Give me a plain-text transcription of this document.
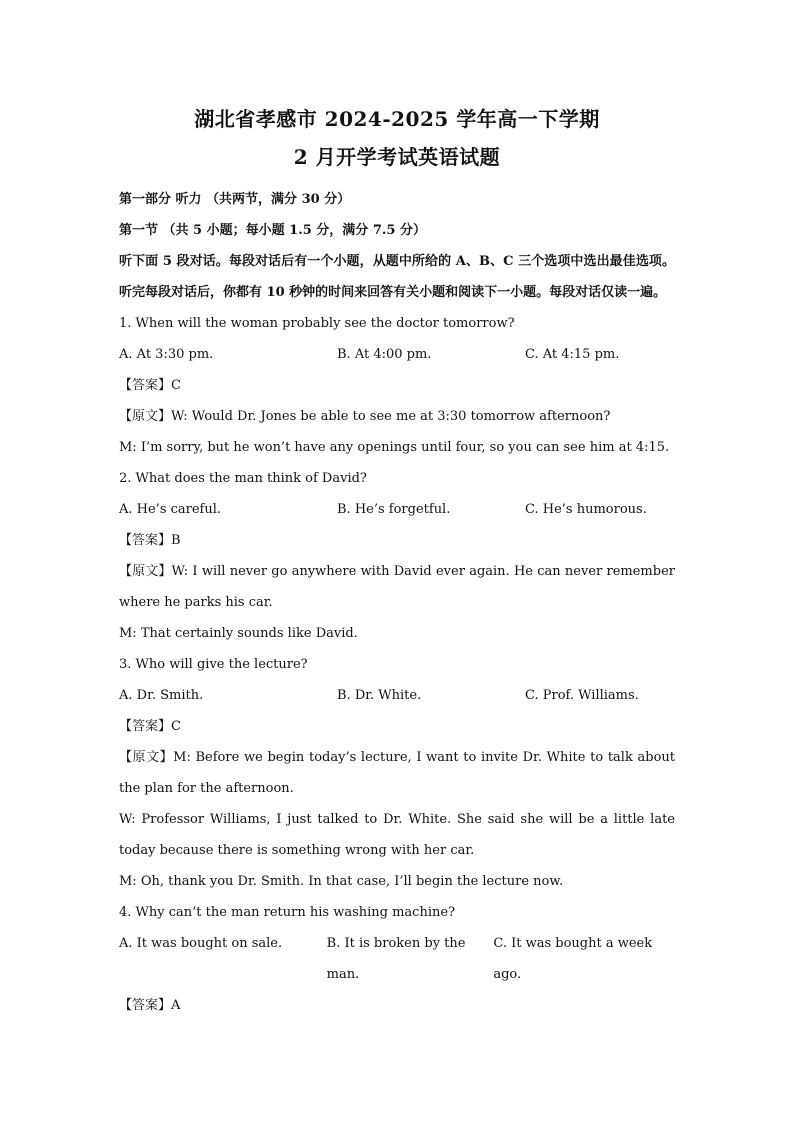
湖北省孝感市 2024-2025 学年高一下学期
2 月开学考试英语试题

第一部分 听力 （共两节，满分 30 分）

第一节 （共 5 小题；每小题 1.5 分，满分 7.5 分）

听下面 5 段对话。每段对话后有一个小题，从题中所给的 A、B、C 三个选项中选出最佳选项。听完每段对话后，你都有 10 秒钟的时间来回答有关小题和阅读下一小题。每段对话仅读一遍。

1. When will the woman probably see the doctor tomorrow?

A. At 3:30 pm.	B. At 4:00 pm.	C. At 4:15 pm.

【答案】C

【原文】W: Would Dr. Jones be able to see me at 3:30 tomorrow afternoon?

M: I’m sorry, but he won’t have any openings until four, so you can see him at 4:15.

2. What does the man think of David?

A. He’s careful.	B. He’s forgetful.	C. He’s humorous.

【答案】B

【原文】W: I will never go anywhere with David ever again. He can never remember where he parks his car.

M: That certainly sounds like David.

3. Who will give the lecture?

A. Dr. Smith.	B. Dr. White.	C. Prof. Williams.

【答案】C

【原文】M: Before we begin today’s lecture, I want to invite Dr. White to talk about the plan for the afternoon.

W: Professor Williams, I just talked to Dr. White. She said she will be a little late today because there is something wrong with her car.

M: Oh, thank you Dr. Smith. In that case, I’ll begin the lecture now.

4. Why can’t the man return his washing machine?

A. It was bought on sale.	B. It is broken by the man.
C. It was bought a week ago.

【答案】A
